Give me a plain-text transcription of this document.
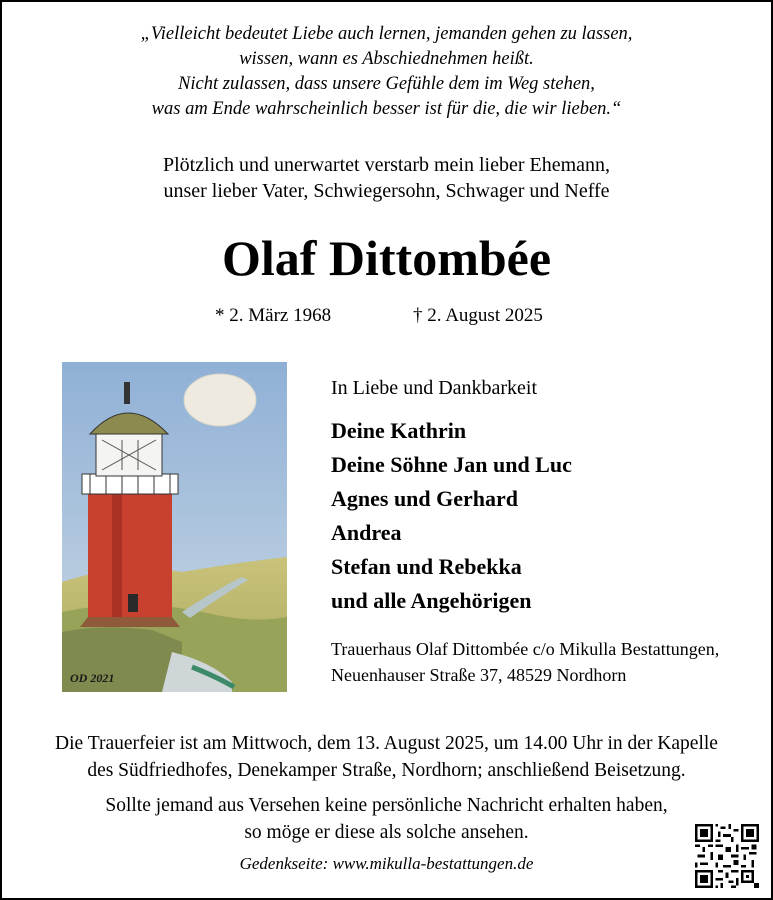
„Vielleicht bedeutet Liebe auch lernen, jemanden gehen zu lassen,
wissen, wann es Abschiednehmen heißt.
Nicht zulassen, dass unsere Gefühle dem im Weg stehen,
was am Ende wahrscheinlich besser ist für die, die wir lieben.“
Plötzlich und unerwartet verstarb mein lieber Ehemann,
unser lieber Vater, Schwiegersohn, Schwager und Neffe
Olaf Dittombée
* 2. März 1968	† 2. August 2025
OD 2021
In Liebe und Dankbarkeit
Deine Kathrin
Deine Söhne Jan und Luc
Agnes und Gerhard
Andrea
Stefan und Rebekka
und alle Angehörigen
Trauerhaus Olaf Dittombée c/o Mikulla Bestattungen,
Neuenhauser Straße 37, 48529 Nordhorn
Die Trauerfeier ist am Mittwoch, dem 13. August 2025, um 14.00 Uhr in der Kapelle
des Südfriedhofes, Denekamper Straße, Nordhorn; anschließend Beisetzung.
Sollte jemand aus Versehen keine persönliche Nachricht erhalten haben,
so möge er diese als solche ansehen.
Gedenkseite: www.mikulla-bestattungen.de
